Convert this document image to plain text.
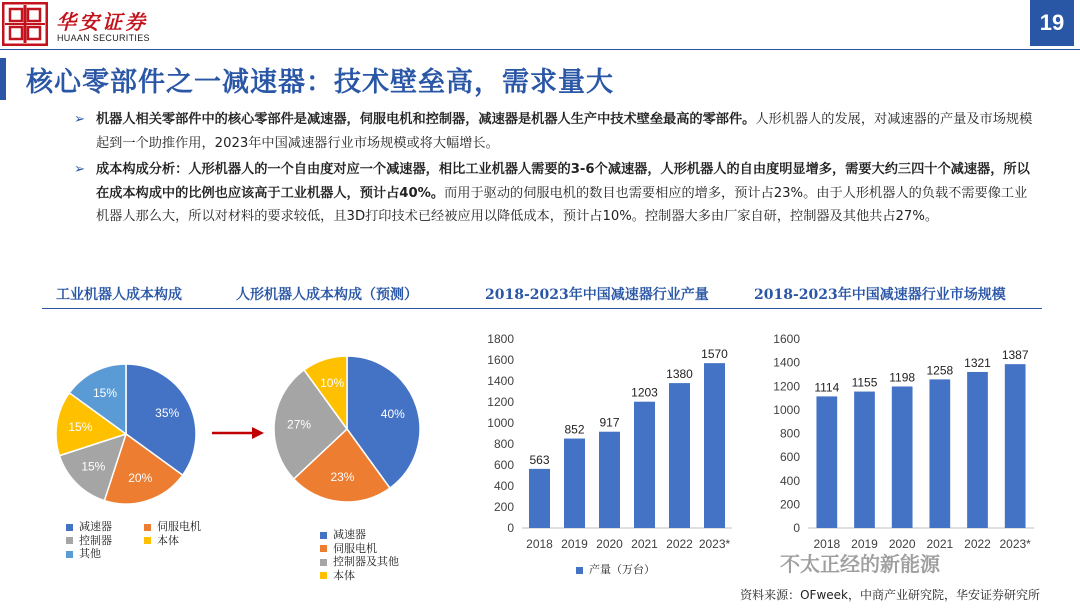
华安证券
HUAAN SECURITIES
19
核心零部件之一减速器：技术壁垒高，需求量大
➢ 机器人相关零部件中的核心零部件是减速器，伺服电机和控制器，减速器是机器人生产中技术壁垒最高的零部件。人形机器人的发展，对减速器的产量及市场规模起到一个助推作用，2023年中国减速器行业市场规模或将大幅增长。
➢ 成本构成分析：人形机器人的一个自由度对应一个减速器，相比工业机器人需要的3-6个减速器，人形机器人的自由度明显增多，需要大约三四十个减速器，所以在成本构成中的比例也应该高于工业机器人，预计占40%。而用于驱动的伺服电机的数目也需要相应的增多，预计占23%。由于人形机器人的负载不需要像工业机器人那么大，所以对材料的要求较低，且3D打印技术已经被应用以降低成本，预计占10%。控制器大多由厂家自研，控制器及其他共占27%。
工业机器人成本构成	人形机器人成本构成（预测）	2018-2023年中国减速器行业产量	2018-2023年中国减速器行业市场规模
35%
20%
15%
15%
15%
减速器	伺服电机
控制器	本体
其他
40%
23%
27%
10%
减速器
伺服电机
控制器及其他
本体
0
200
400
600
800
1000
1200
1400
1600
1800
563
2018
852
2019
917
2020
1203
2021
1380
2022
1570
2023*
产量（万台）
0
200
400
600
800
1000
1200
1400
1600
1114
2018
1155
2019
1198
2020
1258
2021
1321
2022
1387
2023*
不太正经的新能源
资料来源：OFweek，中商产业研究院，华安证券研究所
